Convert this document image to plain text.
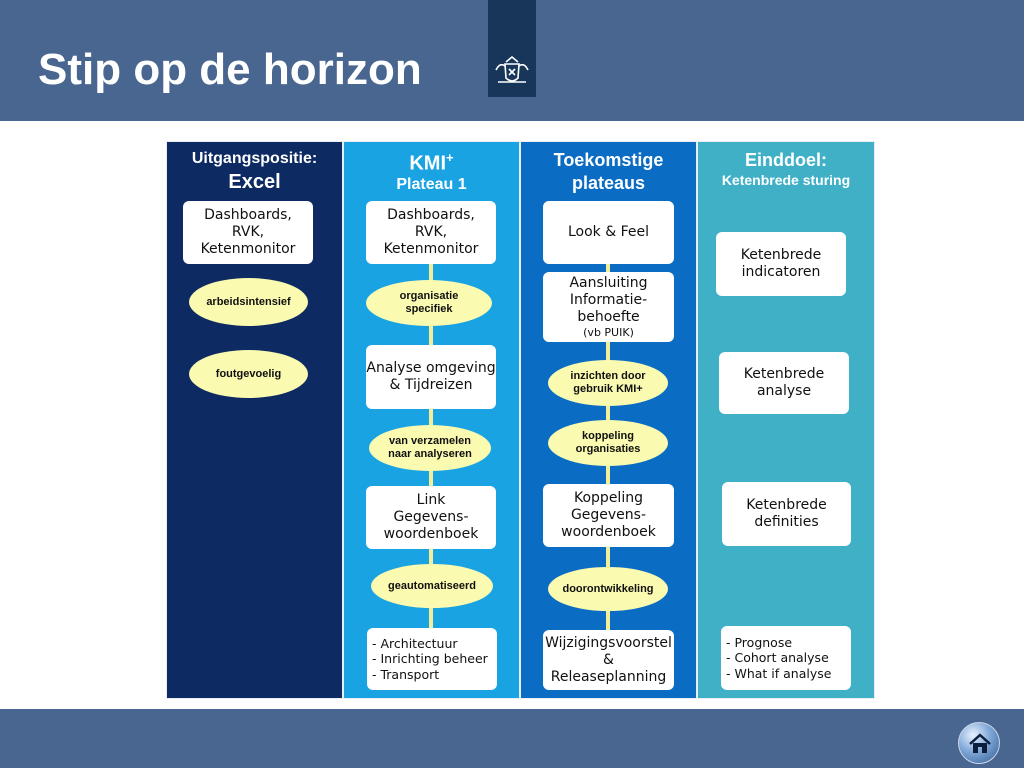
Stip op de horizon
Uitgangspositie:
Excel
KMI+
Plateau 1
Toekomstige
plateaus
Einddoel:
Ketenbrede sturing
Dashboards,
RVK,
Ketenmonitor
arbeidsintensief
foutgevoelig
Dashboards,
RVK,
Ketenmonitor
organisatie
specifiek
Analyse omgeving
& Tijdreizen
van verzamelen
naar analyseren
Link
Gegevens-
woordenboek
geautomatiseerd
- Architectuur
- Inrichting beheer
- Transport
Look & Feel
Aansluiting
Informatie-
behoefte
(vb PUIK)
inzichten door
gebruik KMI+
koppeling
organisaties
Koppeling
Gegevens-
woordenboek
doorontwikkeling
Wijzigingsvoorstel
&
Releaseplanning
Ketenbrede
indicatoren
Ketenbrede
analyse
Ketenbrede
definities
- Prognose
- Cohort analyse
- What if analyse
